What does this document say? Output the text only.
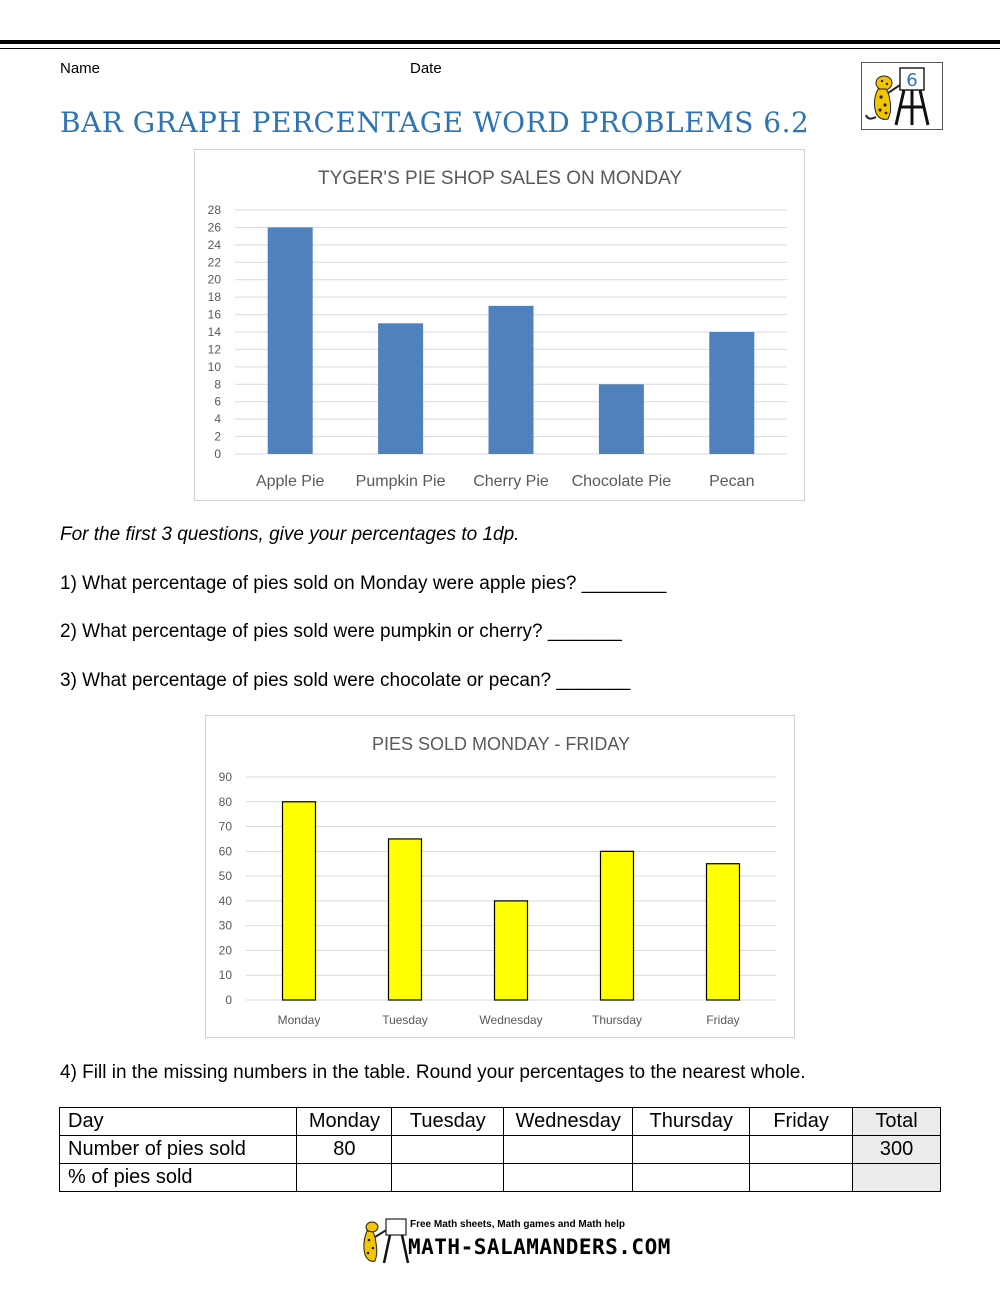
Name	Date
6
BAR GRAPH PERCENTAGE WORD PROBLEMS 6.2
TYGER'S PIE SHOP SALES ON MONDAY
0
2
4
6
8
10
12
14
16
18
20
22
24
26
28
Apple Pie Pumpkin Pie Cherry Pie Chocolate Pie Pecan

For the first 3 questions, give your percentages to 1dp.

1) What percentage of pies sold on Monday were apple pies? ________

2) What percentage of pies sold were pumpkin or cherry? _______

3) What percentage of pies sold were chocolate or pecan? _______

PIES SOLD MONDAY - FRIDAY
0
10
20
30
40
50
60
70
80
90
Monday	Tuesday	Wednesday	Thursday	Friday

4) Fill in the missing numbers in the table. Round your percentages to the nearest whole.

Day	Monday	Tuesday	Wednesday	Thursday	Friday	Total
Number of pies sold	80					300
% of pies sold						
Free Math sheets, Math games and Math help
MATH-SALAMANDERS.COM
